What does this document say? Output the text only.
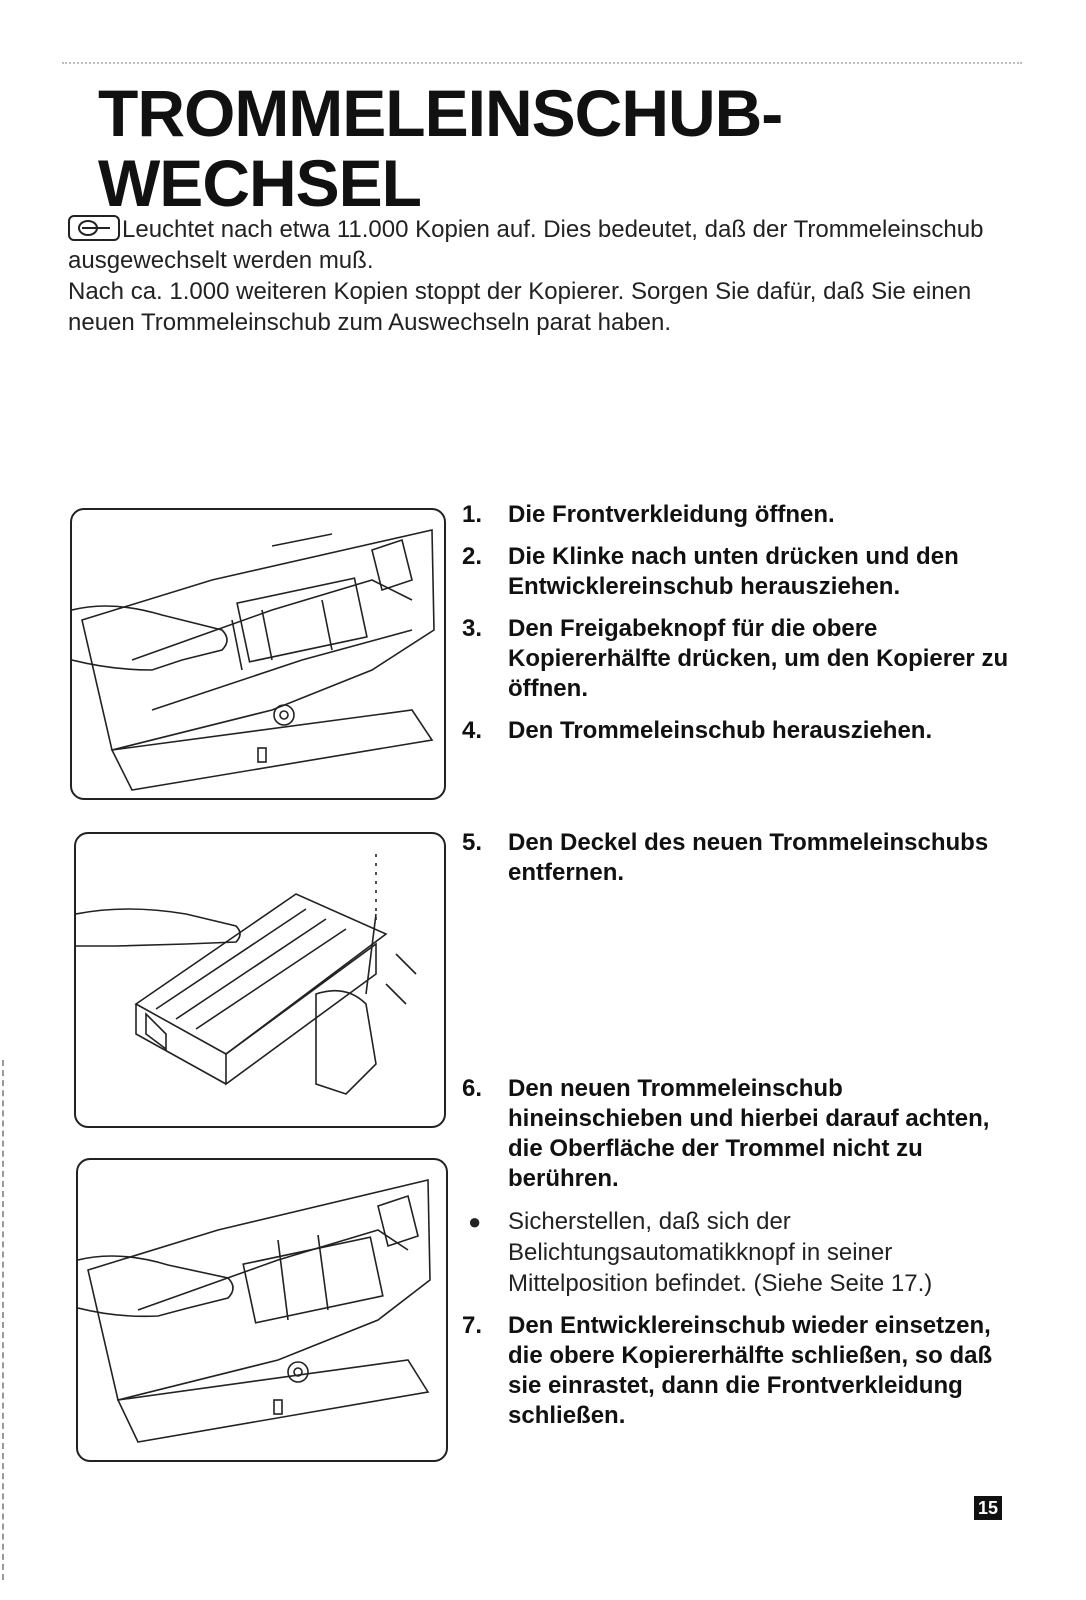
TROMMELEINSCHUB-
WECHSEL

Leuchtet nach etwa 11.000 Kopien auf. Dies bedeutet, daß der Trommeleinschub ausgewechselt werden muß.

Nach ca. 1.000 weiteren Kopien stoppt der Kopierer. Sorgen Sie dafür, daß Sie einen neuen Trommeleinschub zum Auswechseln parat haben.

1.	Die Frontverkleidung öffnen.
2.	Die Klinke nach unten drücken und den Entwicklereinschub herausziehen.
3.	Den Freigabeknopf für die obere Kopiererhälfte drücken, um den Kopierer zu öffnen.
4.	Den Trommeleinschub herausziehen.
5.	Den Deckel des neuen Trommeleinschubs entfernen.
6.	Den neuen Trommeleinschub hineinschieben und hierbei darauf achten, die Oberfläche der Trommel nicht zu berühren.
●	Sicherstellen, daß sich der Belichtungsautomatikknopf in seiner Mittelposition befindet. (Siehe Seite 17.)
7.	Den Entwicklereinschub wieder einsetzen, die obere Kopiererhälfte schließen, so daß sie einrastet, dann die Frontverkleidung schließen.
15
